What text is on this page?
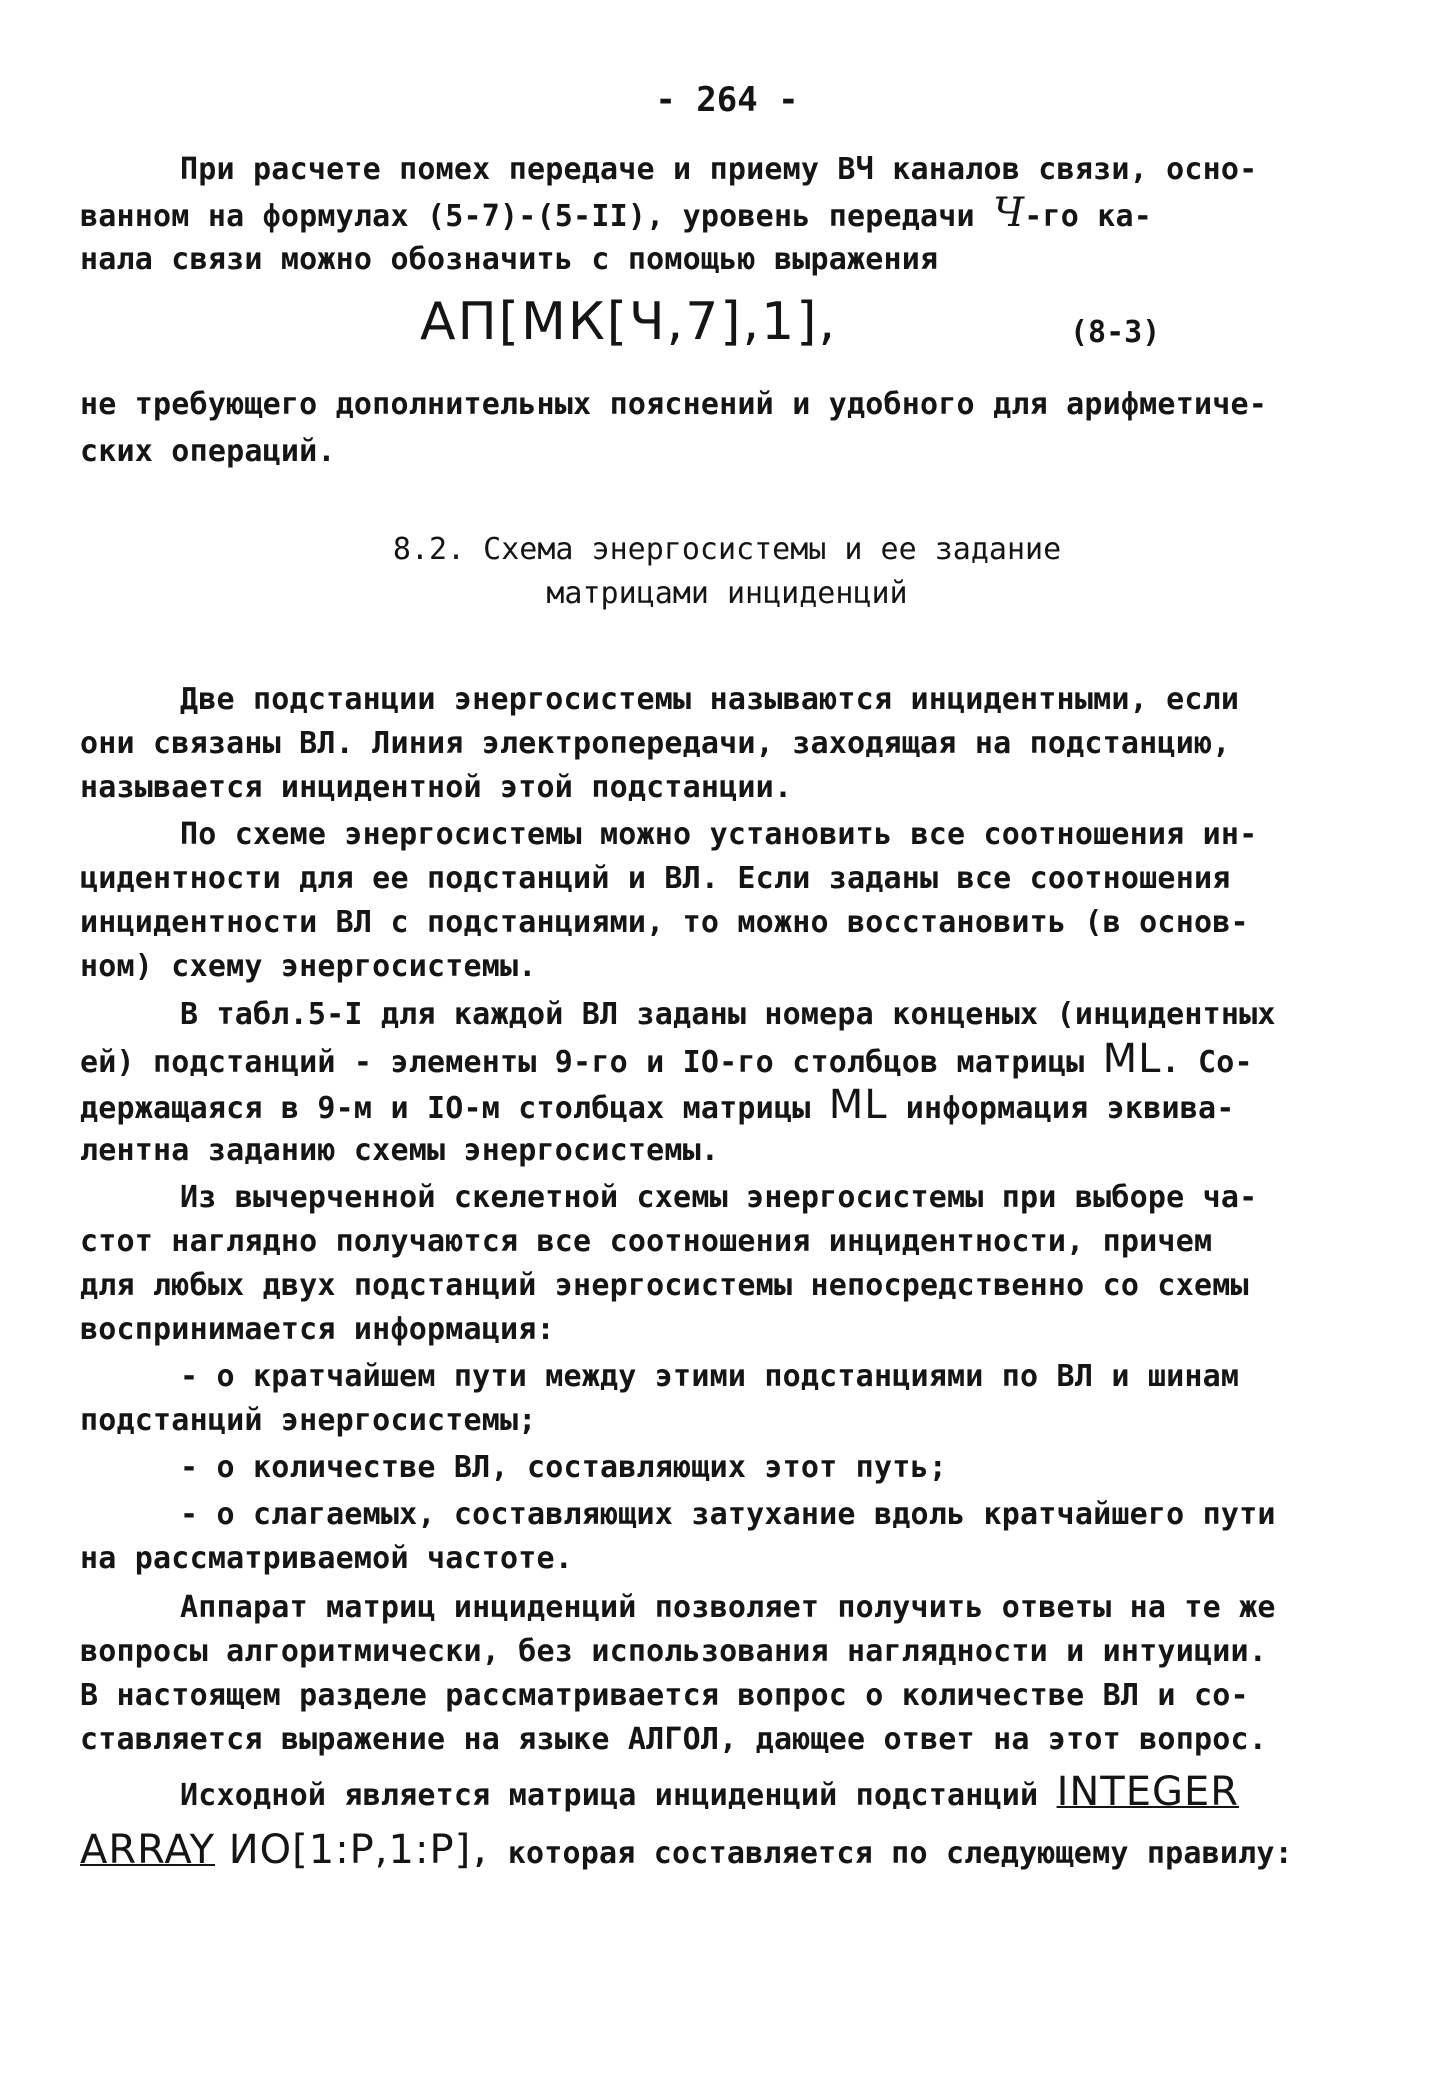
- 264 -
При расчете помех передаче и приему ВЧ каналов связи, осно-
ванном на формулах (5-7)-(5-II), уровень передачи Ч-го ка-
нала связи можно обозначить с помощью выражения
АП[МК[Ч,7],1],	(8-3)
не требующего дополнительных пояснений и удобного для арифметиче-
ских операций.
8.2. Схема энергосистемы и ее задание
матрицами инциденций
Две подстанции энергосистемы называются инцидентными, если
они связаны ВЛ. Линия электропередачи, заходящая на подстанцию,
называется инцидентной этой подстанции.
По схеме энергосистемы можно установить все соотношения ин-
цидентности для ее подстанций и ВЛ. Если заданы все соотношения
инцидентности ВЛ с подстанциями, то можно восстановить (в основ-
ном) схему энергосистемы.
В табл.5-I для каждой ВЛ заданы номера конценых (инцидентных
ей) подстанций - элементы 9-го и IO-го столбцов матрицы ML. Со-
держащаяся в 9-м и IO-м столбцах матрицы ML информация эквива-
лентна заданию схемы энергосистемы.
Из вычерченной скелетной схемы энергосистемы при выборе ча-
стот наглядно получаются все соотношения инцидентности, причем
для любых двух подстанций энергосистемы непосредственно со схемы
воспринимается информация:
- о кратчайшем пути между этими подстанциями по ВЛ и шинам
подстанций энергосистемы;
- о количестве ВЛ, составляющих этот путь;
- о слагаемых, составляющих затухание вдоль кратчайшего пути
на рассматриваемой частоте.
Аппарат матриц инциденций позволяет получить ответы на те же
вопросы алгоритмически, без использования наглядности и интуиции.
В настоящем разделе рассматривается вопрос о количестве ВЛ и со-
ставляется выражение на языке АЛГОЛ, дающее ответ на этот вопрос.
Исходной является матрица инциденций подстанций INTEGER
ARRAY ИО[1:P,1:P], которая составляется по следующему правилу:
